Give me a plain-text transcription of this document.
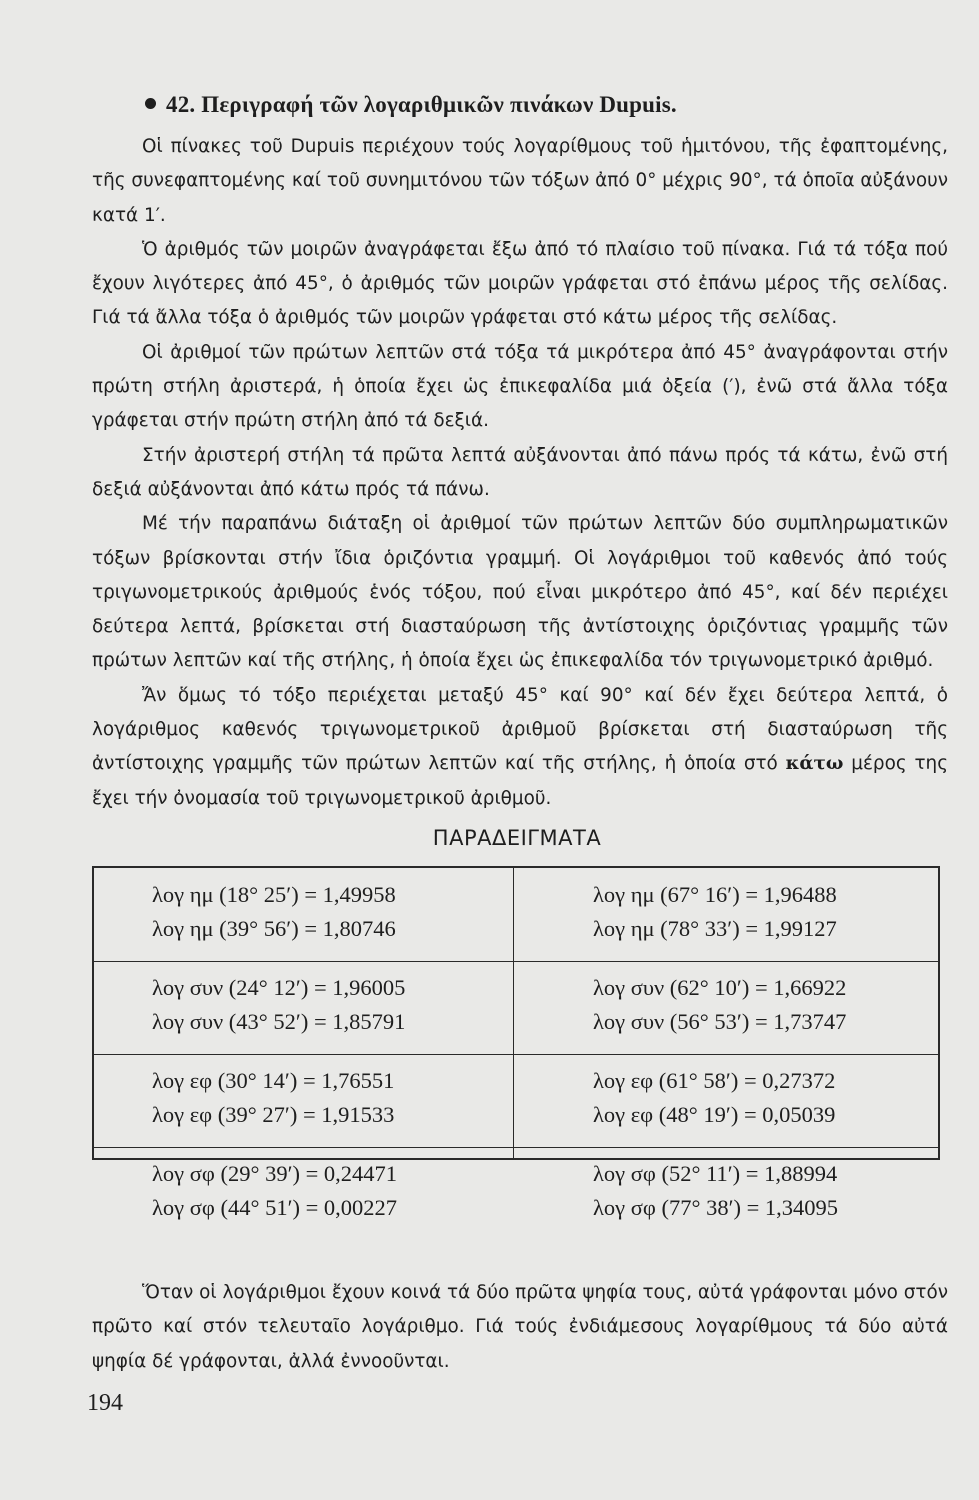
42. Περιγραφή τῶν λογαριθμικῶν πινάκων Dupuis.

Οἱ πίνακες τοῦ Dupuis περιέχουν τούς λογαρίθμους τοῦ ἡμιτόνου, τῆς ἐφαπτομένης, τῆς συνεφαπτομένης καί τοῦ συνημιτόνου τῶν τόξων ἀπό 0° μέχρις 90°, τά ὁποῖα αὐξάνουν κατά 1′.

Ὁ ἀριθμός τῶν μοιρῶν ἀναγράφεται ἔξω ἀπό τό πλαίσιο τοῦ πίνακα. Γιά τά τόξα πού ἔχουν λιγότερες ἀπό 45°, ὁ ἀριθμός τῶν μοιρῶν γράφεται στό ἐπάνω μέρος τῆς σελίδας. Γιά τά ἄλλα τόξα ὁ ἀριθμός τῶν μοιρῶν γράφεται στό κάτω μέρος τῆς σελίδας.

Οἱ ἀριθμοί τῶν πρώτων λεπτῶν στά τόξα τά μικρότερα ἀπό 45° ἀναγράφονται στήν πρώτη στήλη ἀριστερά, ἡ ὁποία ἔχει ὡς ἐπικεφαλίδα μιά ὀξεία (′), ἐνῶ στά ἄλλα τόξα γράφεται στήν πρώτη στήλη ἀπό τά δεξιά.

Στήν ἀριστερή στήλη τά πρῶτα λεπτά αὐξάνονται ἀπό πάνω πρός τά κάτω, ἐνῶ στή δεξιά αὐξάνονται ἀπό κάτω πρός τά πάνω.

Μέ τήν παραπάνω διάταξη οἱ ἀριθμοί τῶν πρώτων λεπτῶν δύο συμπληρωματικῶν τόξων βρίσκονται στήν ἴδια ὁριζόντια γραμμή. Οἱ λογάριθμοι τοῦ καθενός ἀπό τούς τριγωνομετρικούς ἀριθμούς ἑνός τόξου, πού εἶναι μικρότερο ἀπό 45°, καί δέν περιέχει δεύτερα λεπτά, βρίσκεται στή διασταύρωση τῆς ἀντίστοιχης ὁριζόντιας γραμμῆς τῶν πρώτων λεπτῶν καί τῆς στήλης, ἡ ὁποία ἔχει ὡς ἐπικεφαλίδα τόν τριγωνομετρικό ἀριθμό.

Ἄν ὅμως τό τόξο περιέχεται μεταξύ 45° καί 90° καί δέν ἔχει δεύτερα λεπτά, ὁ λογάριθμος καθενός τριγωνομετρικοῦ ἀριθμοῦ βρίσκεται στή διασταύρωση τῆς ἀντίστοιχης γραμμῆς τῶν πρώτων λεπτῶν καί τῆς στήλης, ἡ ὁποία στό κάτω μέρος της ἔχει τήν ὀνομασία τοῦ τριγωνομετρικοῦ ἀριθμοῦ.

ΠΑΡΑΔΕΙΓΜΑΤΑ
λογ ημ (18° 25′) = 1,49958
λογ ημ (39° 56′) = 1,80746
λογ ημ (67° 16′) = 1,96488
λογ ημ (78° 33′) = 1,99127
λογ συν (24° 12′) = 1,96005
λογ συν (43° 52′) = 1,85791
λογ συν (62° 10′) = 1,66922
λογ συν (56° 53′) = 1,73747
λογ εφ (30° 14′) = 1,76551
λογ εφ (39° 27′) = 1,91533
λογ εφ (61° 58′) = 0,27372
λογ εφ (48° 19′) = 0,05039
λογ σφ (29° 39′) = 0,24471
λογ σφ (44° 51′) = 0,00227
λογ σφ (52° 11′) = 1,88994
λογ σφ (77° 38′) = 1,34095

Ὅταν οἱ λογάριθμοι ἔχουν κοινά τά δύο πρῶτα ψηφία τους, αὐτά γράφονται μόνο στόν πρῶτο καί στόν τελευταῖο λογάριθμο. Γιά τούς ἐνδιάμεσους λογαρίθμους τά δύο αὐτά ψηφία δέ γράφονται, ἀλλά ἐννοοῦνται.

194
